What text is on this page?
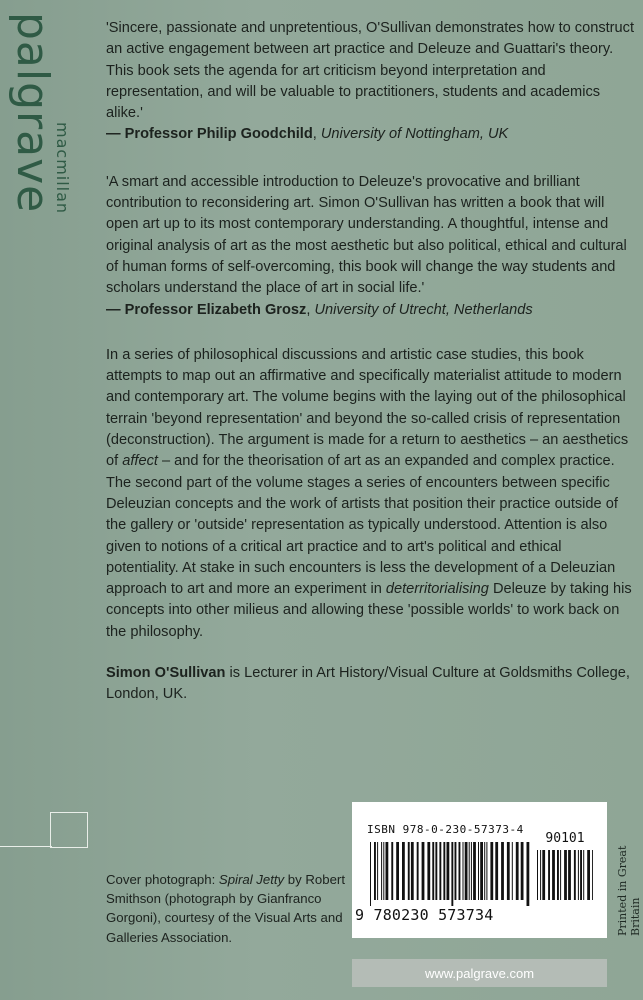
palgrave
macmillan

'Sincere, passionate and unpretentious, O'Sullivan demonstrates how to construct an active engagement between art practice and Deleuze and Guattari's theory. This book sets the agenda for art criticism beyond interpretation and representation, and will be valuable to practitioners, students and academics alike.'
— Professor Philip Goodchild, University of Nottingham, UK

'A smart and accessible introduction to Deleuze's provocative and brilliant contribution to reconsidering art. Simon O'Sullivan has written a book that will open art up to its most contemporary understanding. A thoughtful, intense and original analysis of art as the most aesthetic but also political, ethical and cultural of human forms of self-overcoming, this book will change the way students and scholars understand the place of art in social life.'
— Professor Elizabeth Grosz, University of Utrecht, Netherlands

In a series of philosophical discussions and artistic case studies, this book attempts to map out an affirmative and specifically materialist attitude to modern and contemporary art. The volume begins with the laying out of the philosophical terrain 'beyond representation' and beyond the so-called crisis of representation (deconstruction). The argument is made for a return to aesthetics – an aesthetics of affect – and for the theorisation of art as an expanded and complex practice. The second part of the volume stages a series of encounters between specific Deleuzian concepts and the work of artists that position their practice outside of the gallery or 'outside' representation as typically understood. Attention is also given to notions of a critical art practice and to art's political and ethical potentiality. At stake in such encounters is less the development of a Deleuzian approach to art and more an experiment in deterritorialising Deleuze by taking his concepts into other milieus and allowing these 'possible worlds' to work back on the philosophy.

Simon O'Sullivan is Lecturer in Art History/Visual Culture at Goldsmiths College, London, UK.

Cover photograph: Spiral Jetty by Robert Smithson (photograph by Gianfranco Gorgoni), courtesy of the Visual Arts and Galleries Association.
ISBN 978-0-230-57373-4
90101
9 780230 573734	Printed in Great Britain
www.palgrave.com
